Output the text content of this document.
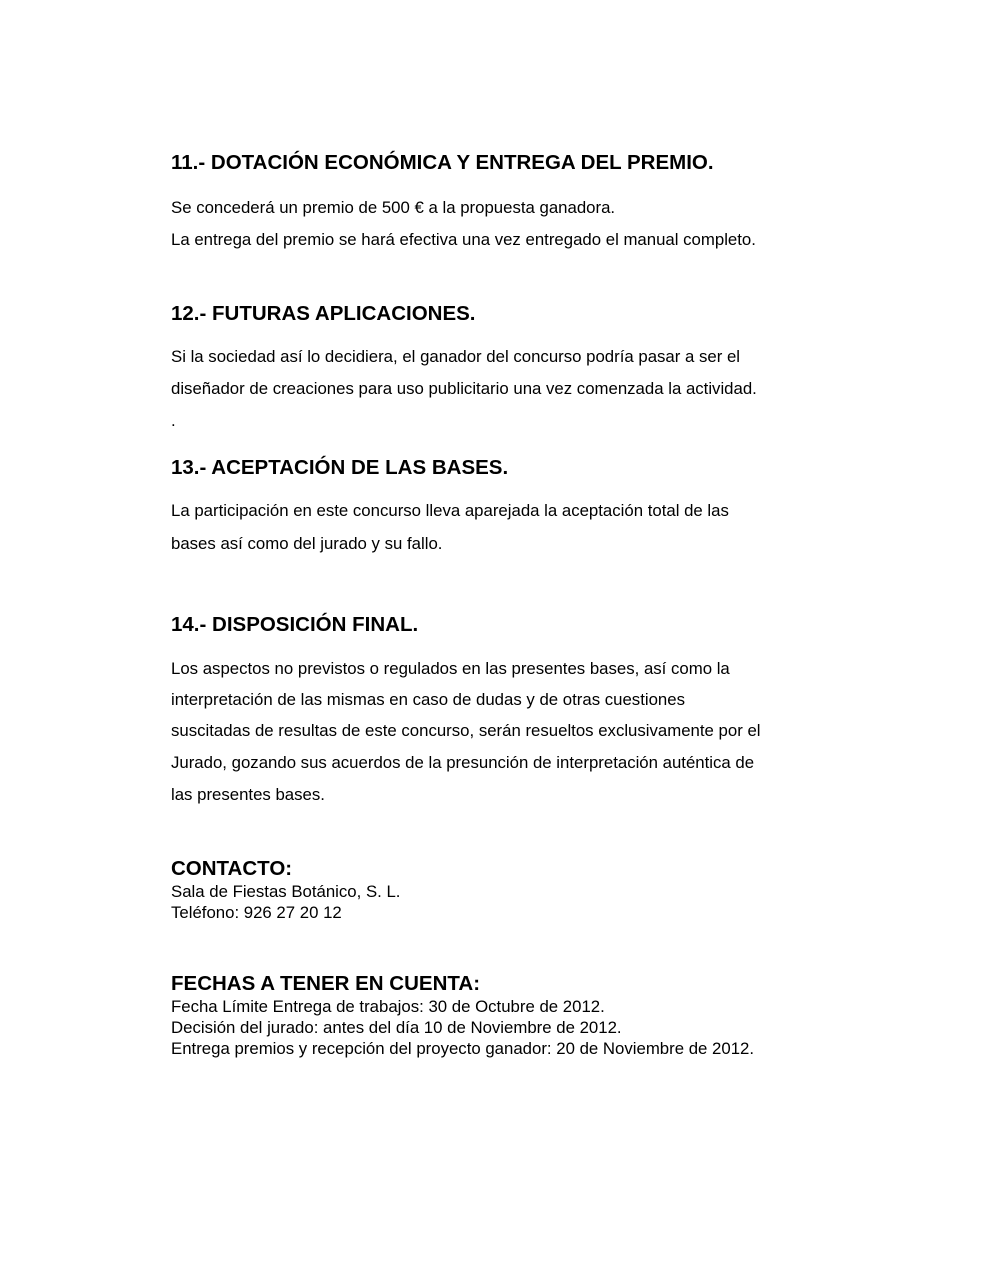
11.- DOTACIÓN ECONÓMICA Y ENTREGA DEL PREMIO.
Se concederá un premio de 500 € a la propuesta ganadora.
La entrega del premio se hará efectiva una vez entregado el manual completo.
12.- FUTURAS APLICACIONES.
Si la sociedad así lo decidiera, el ganador del concurso podría pasar a ser el
diseñador de creaciones para uso publicitario una vez comenzada la actividad.
.
13.- ACEPTACIÓN DE LAS BASES.
La participación en este concurso lleva aparejada la aceptación total de las
bases así como del jurado y su fallo.
14.- DISPOSICIÓN FINAL.
Los aspectos no previstos o regulados en las presentes bases, así como la
interpretación de las mismas en caso de dudas y de otras cuestiones
suscitadas de resultas de este concurso, serán resueltos exclusivamente por el
Jurado, gozando sus acuerdos de la presunción de interpretación auténtica de
las presentes bases.
CONTACTO:
Sala de Fiestas Botánico, S. L.
Teléfono: 926 27 20 12
FECHAS A TENER EN CUENTA:
Fecha Límite Entrega de trabajos: 30 de Octubre de 2012.
Decisión del jurado: antes del día 10 de Noviembre de 2012.
Entrega premios y recepción del proyecto ganador: 20 de Noviembre de 2012.
